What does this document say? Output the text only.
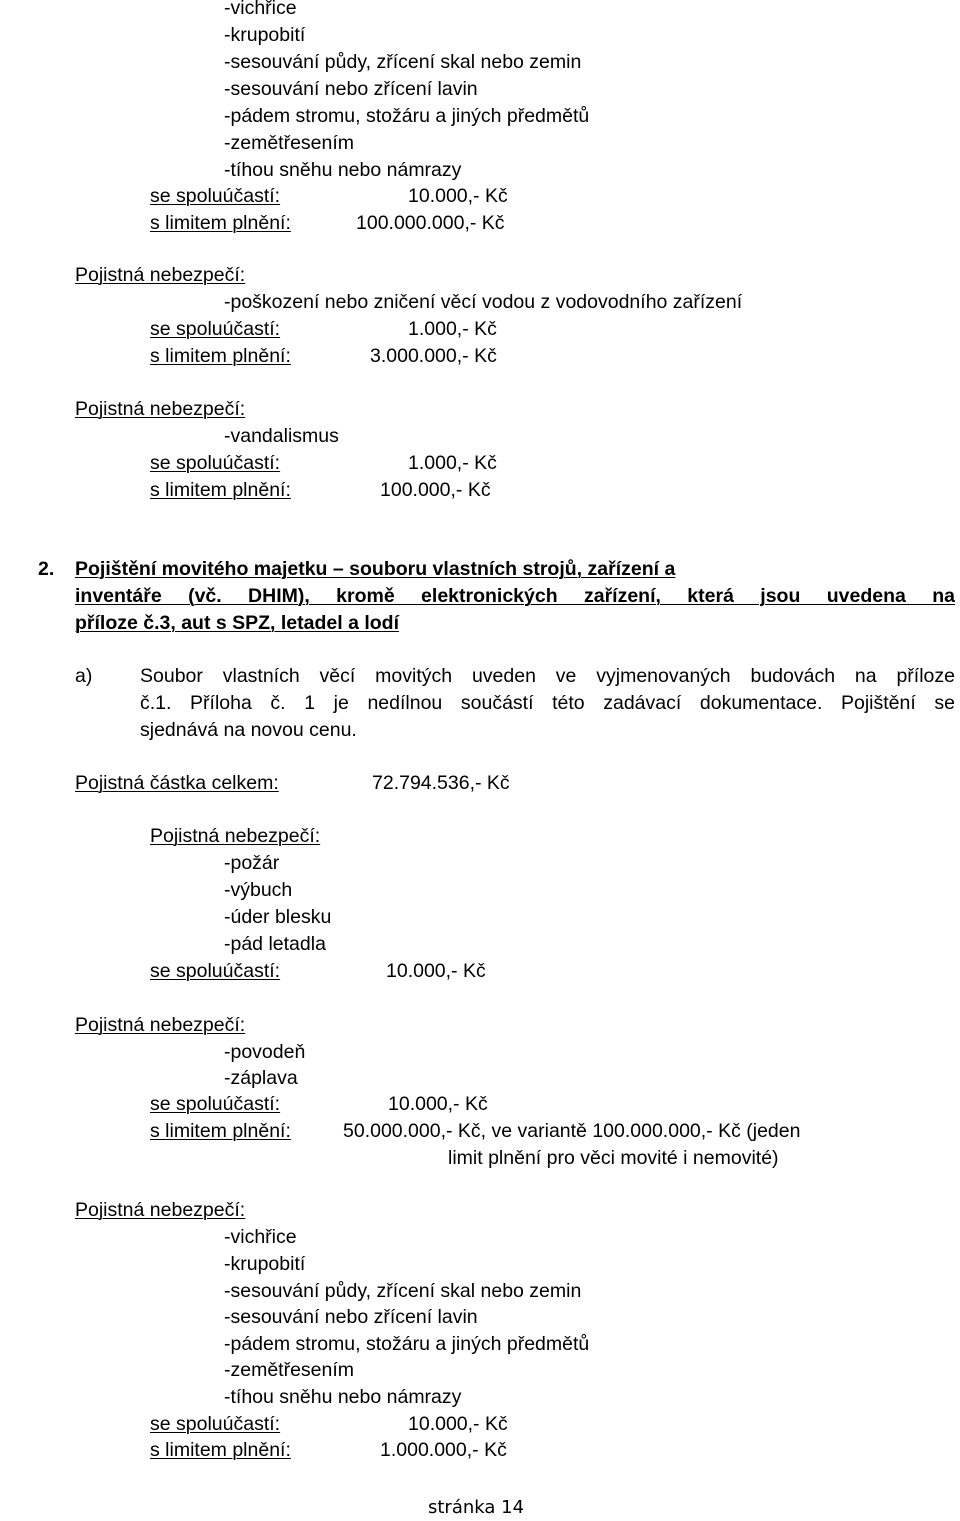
-vichřice
-krupobití
-sesouvání půdy, zřícení skal nebo zemin
-sesouvání nebo zřícení lavin
-pádem stromu, stožáru a jiných předmětů
-zemětřesením
-tíhou sněhu nebo námrazy
se spoluúčastí:	10.000,- Kč
s limitem plnění:	100.000.000,- Kč
Pojistná nebezpečí:
-poškození nebo zničení věcí vodou z vodovodního zařízení
se spoluúčastí:	1.000,- Kč
s limitem plnění:	3.000.000,- Kč
Pojistná nebezpečí:
-vandalismus
se spoluúčastí:	1.000,- Kč
s limitem plnění:	100.000,- Kč
2. Pojištění movitého majetku – souboru vlastních strojů, zařízení a
inventáře (vč. DHIM), kromě elektronických zařízení, která jsou uvedena na
příloze č.3, aut s SPZ, letadel a lodí
a) Soubor vlastních věcí movitých uveden ve vyjmenovaných budovách na příloze
č.1. Příloha č. 1 je nedílnou součástí této zadávací dokumentace. Pojištění se
sjednává na novou cenu.
Pojistná částka celkem:	72.794.536,- Kč
Pojistná nebezpečí:
-požár
-výbuch
-úder blesku
-pád letadla
se spoluúčastí:	10.000,- Kč
Pojistná nebezpečí:
-povodeň
-záplava
se spoluúčastí:	10.000,- Kč
s limitem plnění:	50.000.000,- Kč, ve variantě 100.000.000,- Kč (jeden
limit plnění pro věci movité i nemovité)
Pojistná nebezpečí:
-vichřice
-krupobití
-sesouvání půdy, zřícení skal nebo zemin
-sesouvání nebo zřícení lavin
-pádem stromu, stožáru a jiných předmětů
-zemětřesením
-tíhou sněhu nebo námrazy
se spoluúčastí:	10.000,- Kč
s limitem plnění:	1.000.000,- Kč
stránka 14
